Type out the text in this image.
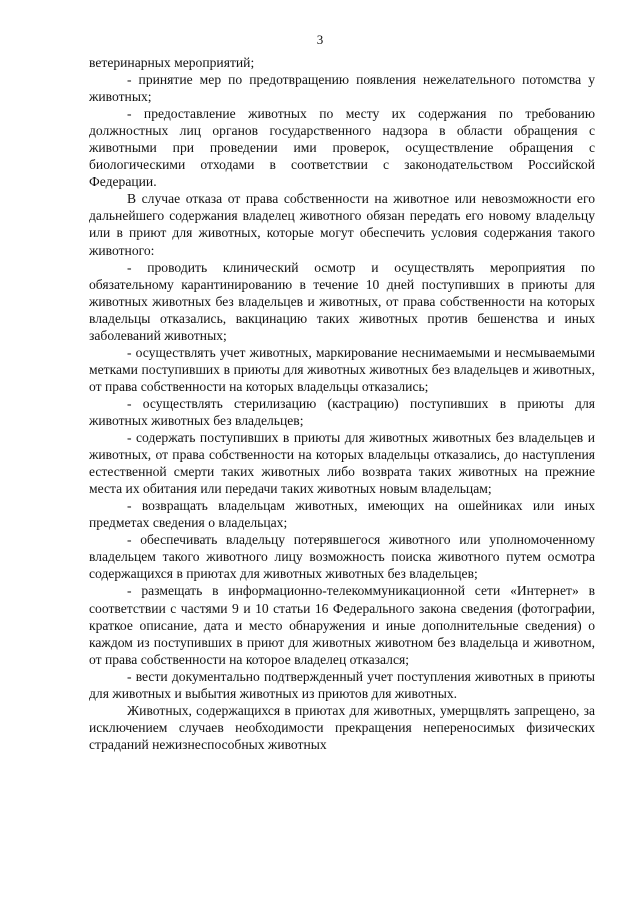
3

ветеринарных мероприятий;

- принятие мер по предотвращению появления нежелательного потомства у животных;

- предоставление животных по месту их содержания по требованию должностных лиц органов государственного надзора в области обращения с животными при проведении ими проверок, осуществление обращения с биологическими отходами в соответствии с законодательством Российской Федерации.

В случае отказа от права собственности на животное или невозможности его дальнейшего содержания владелец животного обязан передать его новому владельцу или в приют для животных, которые могут обеспечить условия содержания такого животного:

- проводить клинический осмотр и осуществлять мероприятия по обязательному карантинированию в течение 10 дней поступивших в приюты для животных животных без владельцев и животных, от права собственности на которых владельцы отказались, вакцинацию таких животных против бешенства и иных заболеваний животных;

- осуществлять учет животных, маркирование неснимаемыми и несмываемыми метками поступивших в приюты для животных животных без владельцев и животных, от права собственности на которых владельцы отказались;

- осуществлять стерилизацию (кастрацию) поступивших в приюты для животных животных без владельцев;

- содержать поступивших в приюты для животных животных без владельцев и животных, от права собственности на которых владельцы отказались, до наступления естественной смерти таких животных либо возврата таких животных на прежние места их обитания или передачи таких животных новым владельцам;

- возвращать владельцам животных, имеющих на ошейниках или иных предметах сведения о владельцах;

- обеспечивать владельцу потерявшегося животного или уполномоченному владельцем такого животного лицу возможность поиска животного путем осмотра содержащихся в приютах для животных животных без владельцев;

- размещать в информационно-телекоммуникационной сети «Интернет» в соответствии с частями 9 и 10 статьи 16 Федерального закона сведения (фотографии, краткое описание, дата и место обнаружения и иные дополнительные сведения) о каждом из поступивших в приют для животных животном без владельца и животном, от права собственности на которое владелец отказался;

- вести документально подтвержденный учет поступления животных в приюты для животных и выбытия животных из приютов для животных.

Животных, содержащихся в приютах для животных, умерщвлять запрещено, за исключением случаев необходимости прекращения непереносимых физических страданий нежизнеспособных животных
